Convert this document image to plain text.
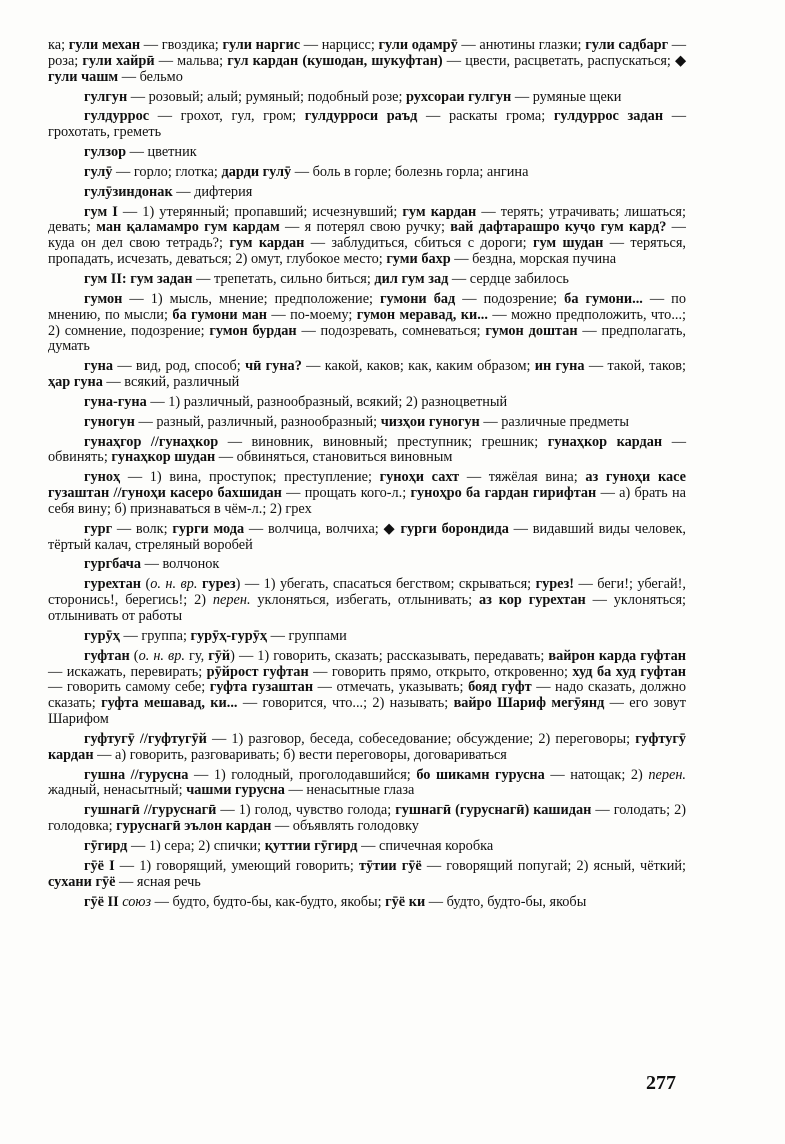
ка; гули механ — гвоздика; гули наргис — нарцисс; гули одамрӯ — анютины глазки; гули садбарг — роза; гули хайрӣ — мальва; гул кардан (кушодан, шукуфтан) — цвести, расцветать, распускаться; ◆ гули чашм — бельмо

гулгун — розовый; алый; румяный; подобный розе; рухсораи гулгун — румяные щеки

гулдуррос — грохот, гул, гром; гулдурроси раъд — раскаты грома; гулдуррос задан — грохотать, греметь

гулзор — цветник

гулӯ — горло; глотка; дарди гулӯ — боль в горле; болезнь горла; ангина

гулӯзиндонак — дифтерия

гум I — 1) утерянный; пропавший; исчезнувший; гум кардан — терять; утрачивать; лишаться; девать; ман қаламамро гум кардам — я потерял свою ручку; вай дафтарашро куҷо гум кард? — куда он дел свою тетрадь?; гум кардан — заблудиться, сбиться с дороги; гум шудан — теряться, пропадать, исчезать, деваться; 2) омут, глубокое место; гуми бахр — бездна, морская пучина

гум II: гум задан — трепетать, сильно биться; дил гум зад — сердце забилось

гумон — 1) мысль, мнение; предположение; гумони бад — подозрение; ба гумони... — по мнению, по мысли; ба гумони ман — по-моему; гумон меравад, ки... — можно предположить, что...; 2) сомнение, подозрение; гумон бурдан — подозревать, сомневаться; гумон доштан — предполагать, думать

гуна — вид, род, способ; чӣ гуна? — какой, каков; как, каким образом; ин гуна — такой, таков; ҳар гуна — всякий, различный

гуна-гуна — 1) различный, разнообразный, всякий; 2) разноцветный

гуногун — разный, различный, разнообразный; чизҳои гуногун — различные предметы

гунаҳгор //гунаҳкор — виновник, виновный; преступник; грешник; гунаҳкор кардан — обвинять; гунаҳкор шудан — обвиняться, становиться виновным

гуноҳ — 1) вина, проступок; преступление; гуноҳи сахт — тяжёлая вина; аз гуноҳи касе гузаштан //гуноҳи касеро бахшидан — прощать кого-л.; гуноҳро ба гардан гирифтан — а) брать на себя вину; б) признаваться в чём-л.; 2) грех

гург — волк; гурги мода — волчица, волчиха; ◆ гурги борондида — видавший виды человек, тёртый калач, стреляный воробей

гургбача — волчонок

гурехтан (о. н. вр. гурез) — 1) убегать, спасаться бегством; скрываться; гурез! — беги!; убегай!, сторонись!, берегись!; 2) перен. уклоняться, избегать, отлынивать; аз кор гурехтан — уклоняться; отлынивать от работы

гурӯҳ — группа; гурӯҳ-гурӯҳ — группами

гуфтан (о. н. вр. гу, гӯй) — 1) говорить, сказать; рассказывать, передавать; вайрон карда гуфтан — искажать, перевирать; рӯйрост гуфтан — говорить прямо, открыто, откровенно; худ ба худ гуфтан — говорить самому себе; гуфта гузаштан — отмечать, указывать; бояд гуфт — надо сказать, должно сказать; гуфта мешавад, ки... — говорится, что...; 2) называть; вайро Шариф мегӯянд — его зовут Шарифом

гуфтугӯ //гуфтугӯй — 1) разговор, беседа, собеседование; обсуждение; 2) переговоры; гуфтугӯ кардан — а) говорить, разговаривать; б) вести переговоры, договариваться

гушна //гурусна — 1) голодный, проголодавшийся; бо шикамн гурусна — натощак; 2) перен. жадный, ненасытный; чашми гурусна — ненасытные глаза

гушнагӣ //гуруснагӣ — 1) голод, чувство голода; гушнагӣ (гуруснагӣ) кашидан — голодать; 2) голодовка; гуруснагӣ эълон кардан — объявлять голодовку

гӯгирд — 1) сера; 2) спички; қуттии гӯгирд — спичечная коробка

гӯё I — 1) говорящий, умеющий говорить; тӯтии гӯё — говорящий попугай; 2) ясный, чёткий; сухани гӯё — ясная речь

гӯё II союз — будто, будто-бы, как-будто, якобы; гӯё ки — будто, будто-бы, якобы

277
